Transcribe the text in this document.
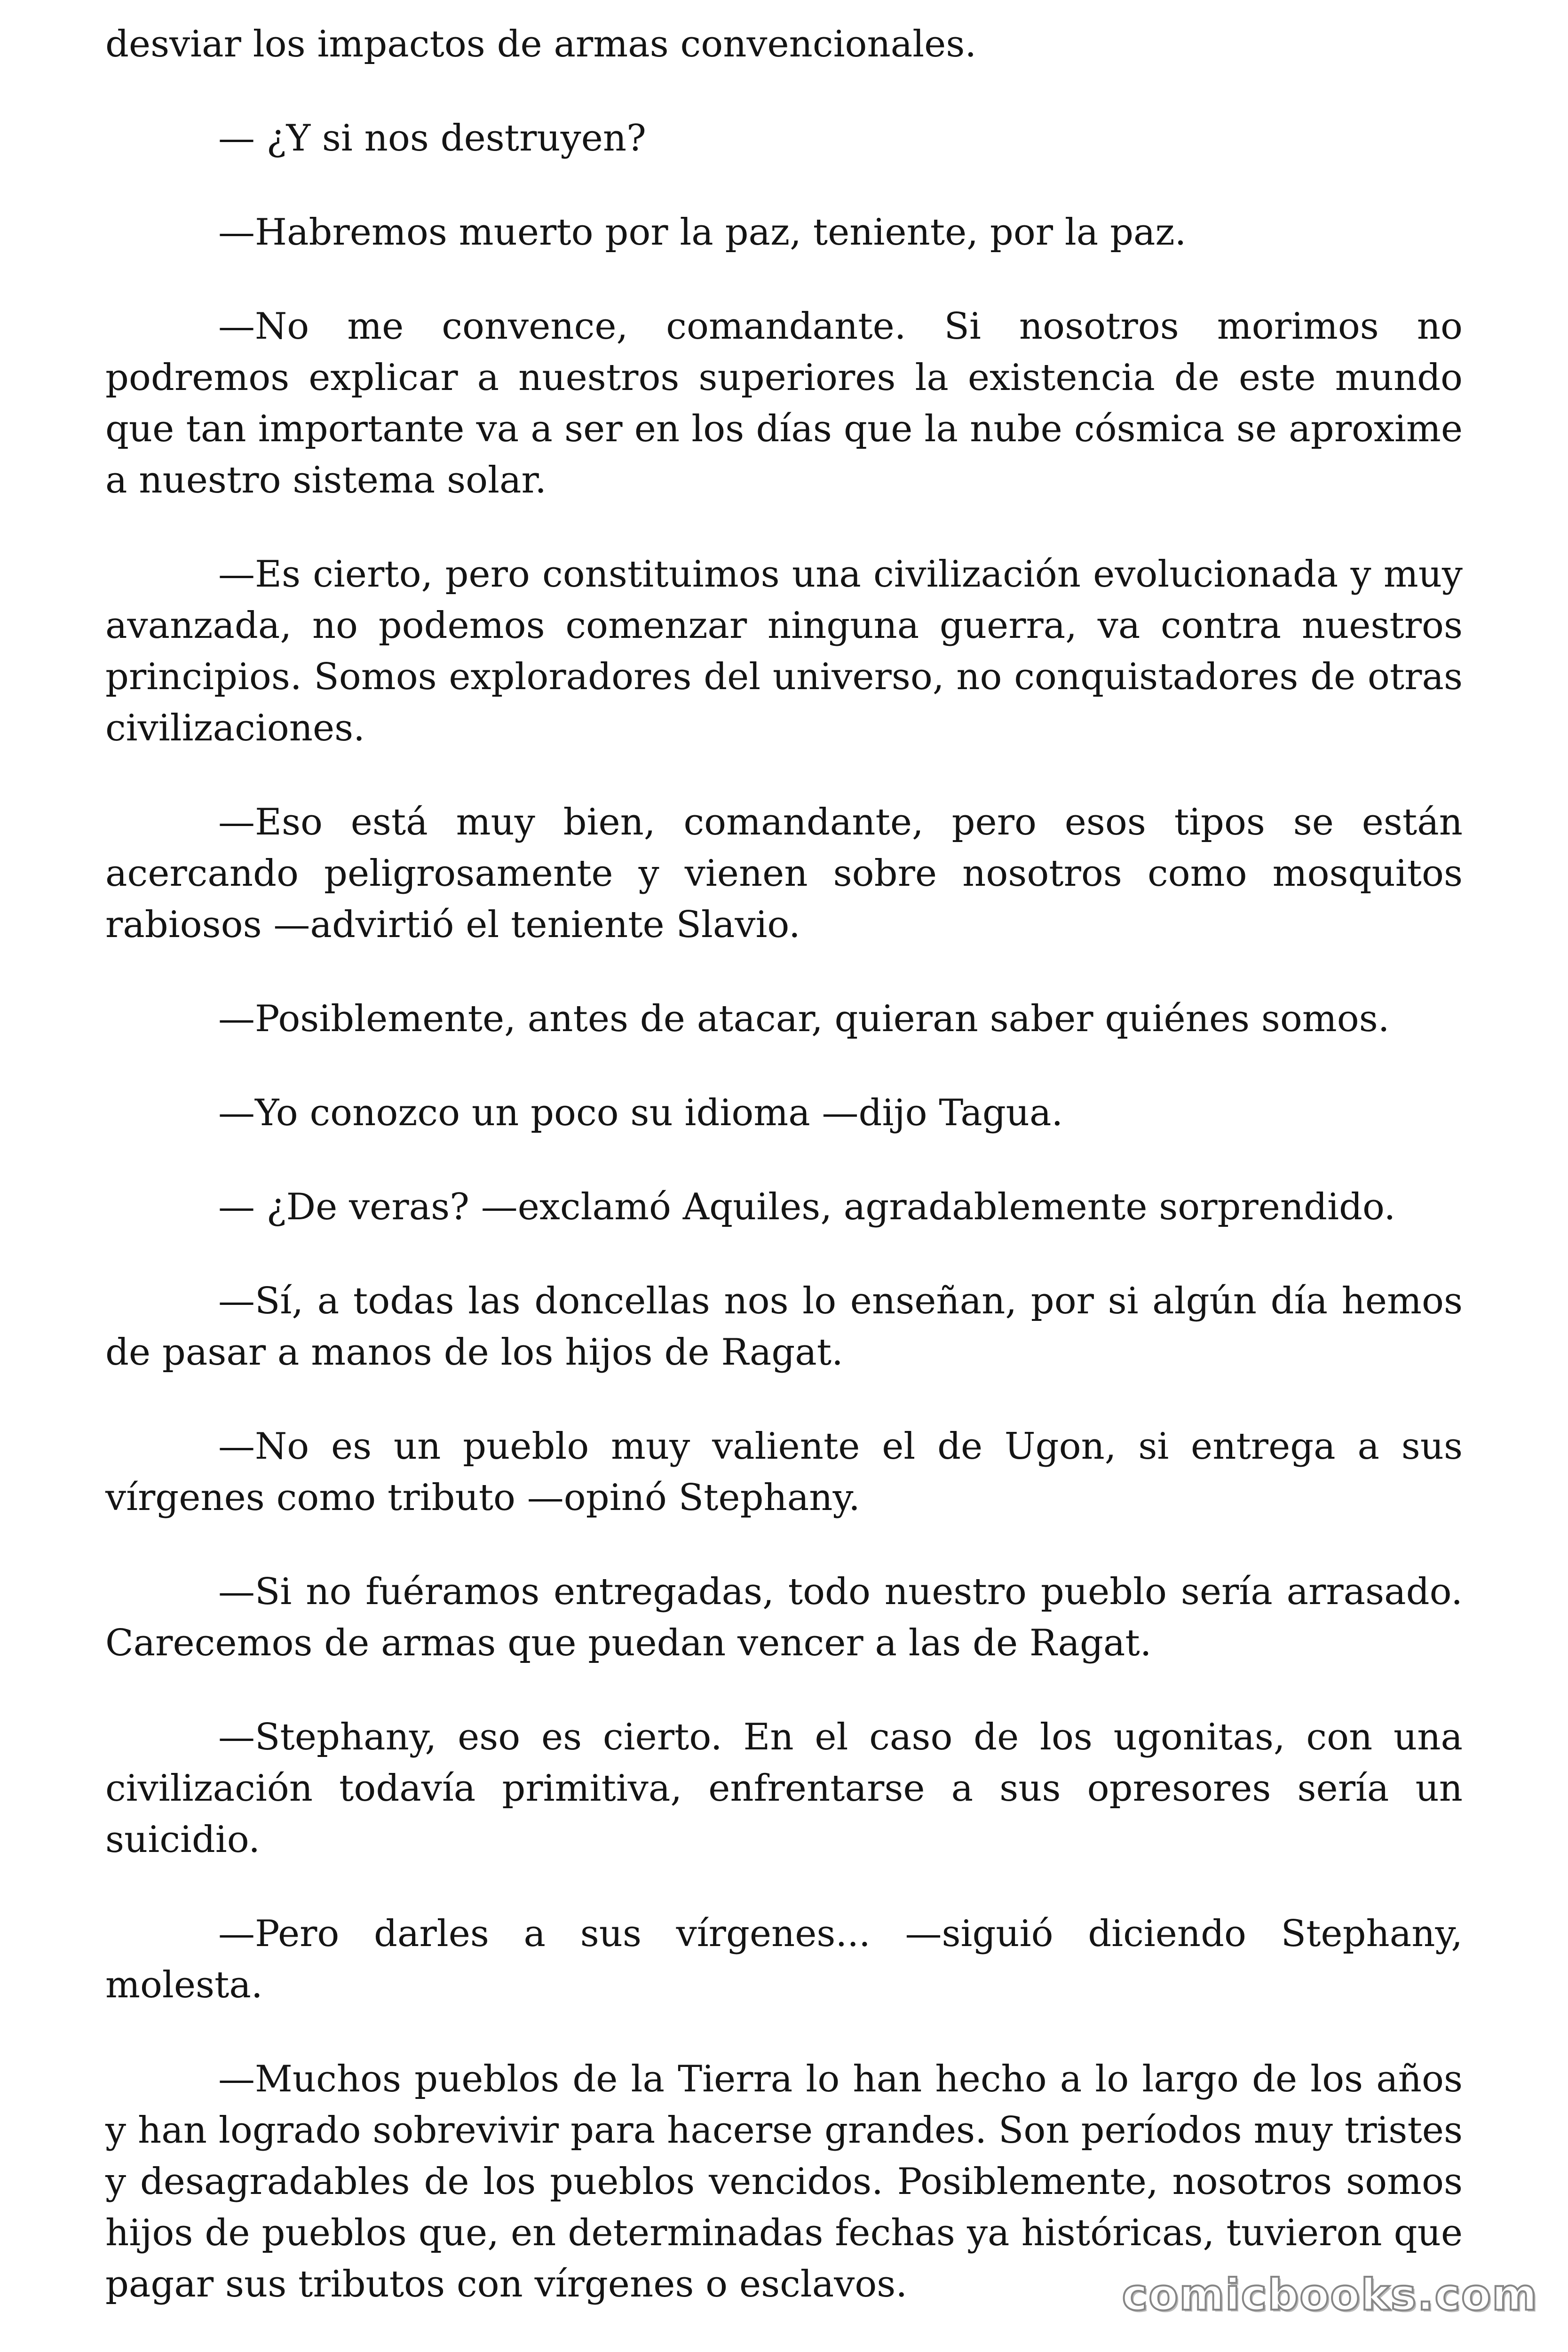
desviar los impactos de armas convencionales.

— ¿Y si nos destruyen?

—Habremos muerto por la paz, teniente, por la paz.

—No me convence, comandante. Si nosotros morimos no podremos explicar a nuestros superiores la existencia de este mundo que tan importante va a ser en los días que la nube cósmica se aproxime a nuestro sistema solar.

—Es cierto, pero constituimos una civilización evolucionada y muy avanzada, no podemos comenzar ninguna guerra, va contra nuestros principios. Somos exploradores del universo, no conquistadores de otras civilizaciones.

—Eso está muy bien, comandante, pero esos tipos se están acercando peligrosamente y vienen sobre nosotros como mosquitos rabiosos —advirtió el teniente Slavio.

—Posiblemente, antes de atacar, quieran saber quiénes somos.

—Yo conozco un poco su idioma —dijo Tagua.

— ¿De veras? —exclamó Aquiles, agradablemente sorprendido.

—Sí, a todas las doncellas nos lo enseñan, por si algún día hemos de pasar a manos de los hijos de Ragat.

—No es un pueblo muy valiente el de Ugon, si entrega a sus vírgenes como tributo —opinó Stephany.

—Si no fuéramos entregadas, todo nuestro pueblo sería arrasado. Carecemos de armas que puedan vencer a las de Ragat.

—Stephany, eso es cierto. En el caso de los ugonitas, con una civilización todavía primitiva, enfrentarse a sus opresores sería un suicidio.

—Pero darles a sus vírgenes... —siguió diciendo Stephany, molesta.

—Muchos pueblos de la Tierra lo han hecho a lo largo de los años y han logrado sobrevivir para hacerse grandes. Son períodos muy tristes y desagradables de los pueblos vencidos. Posiblemente, nosotros somos hijos de pueblos que, en determinadas fechas ya históricas, tuvieron que pagar sus tributos con vírgenes o esclavos.	comicbooks.com
